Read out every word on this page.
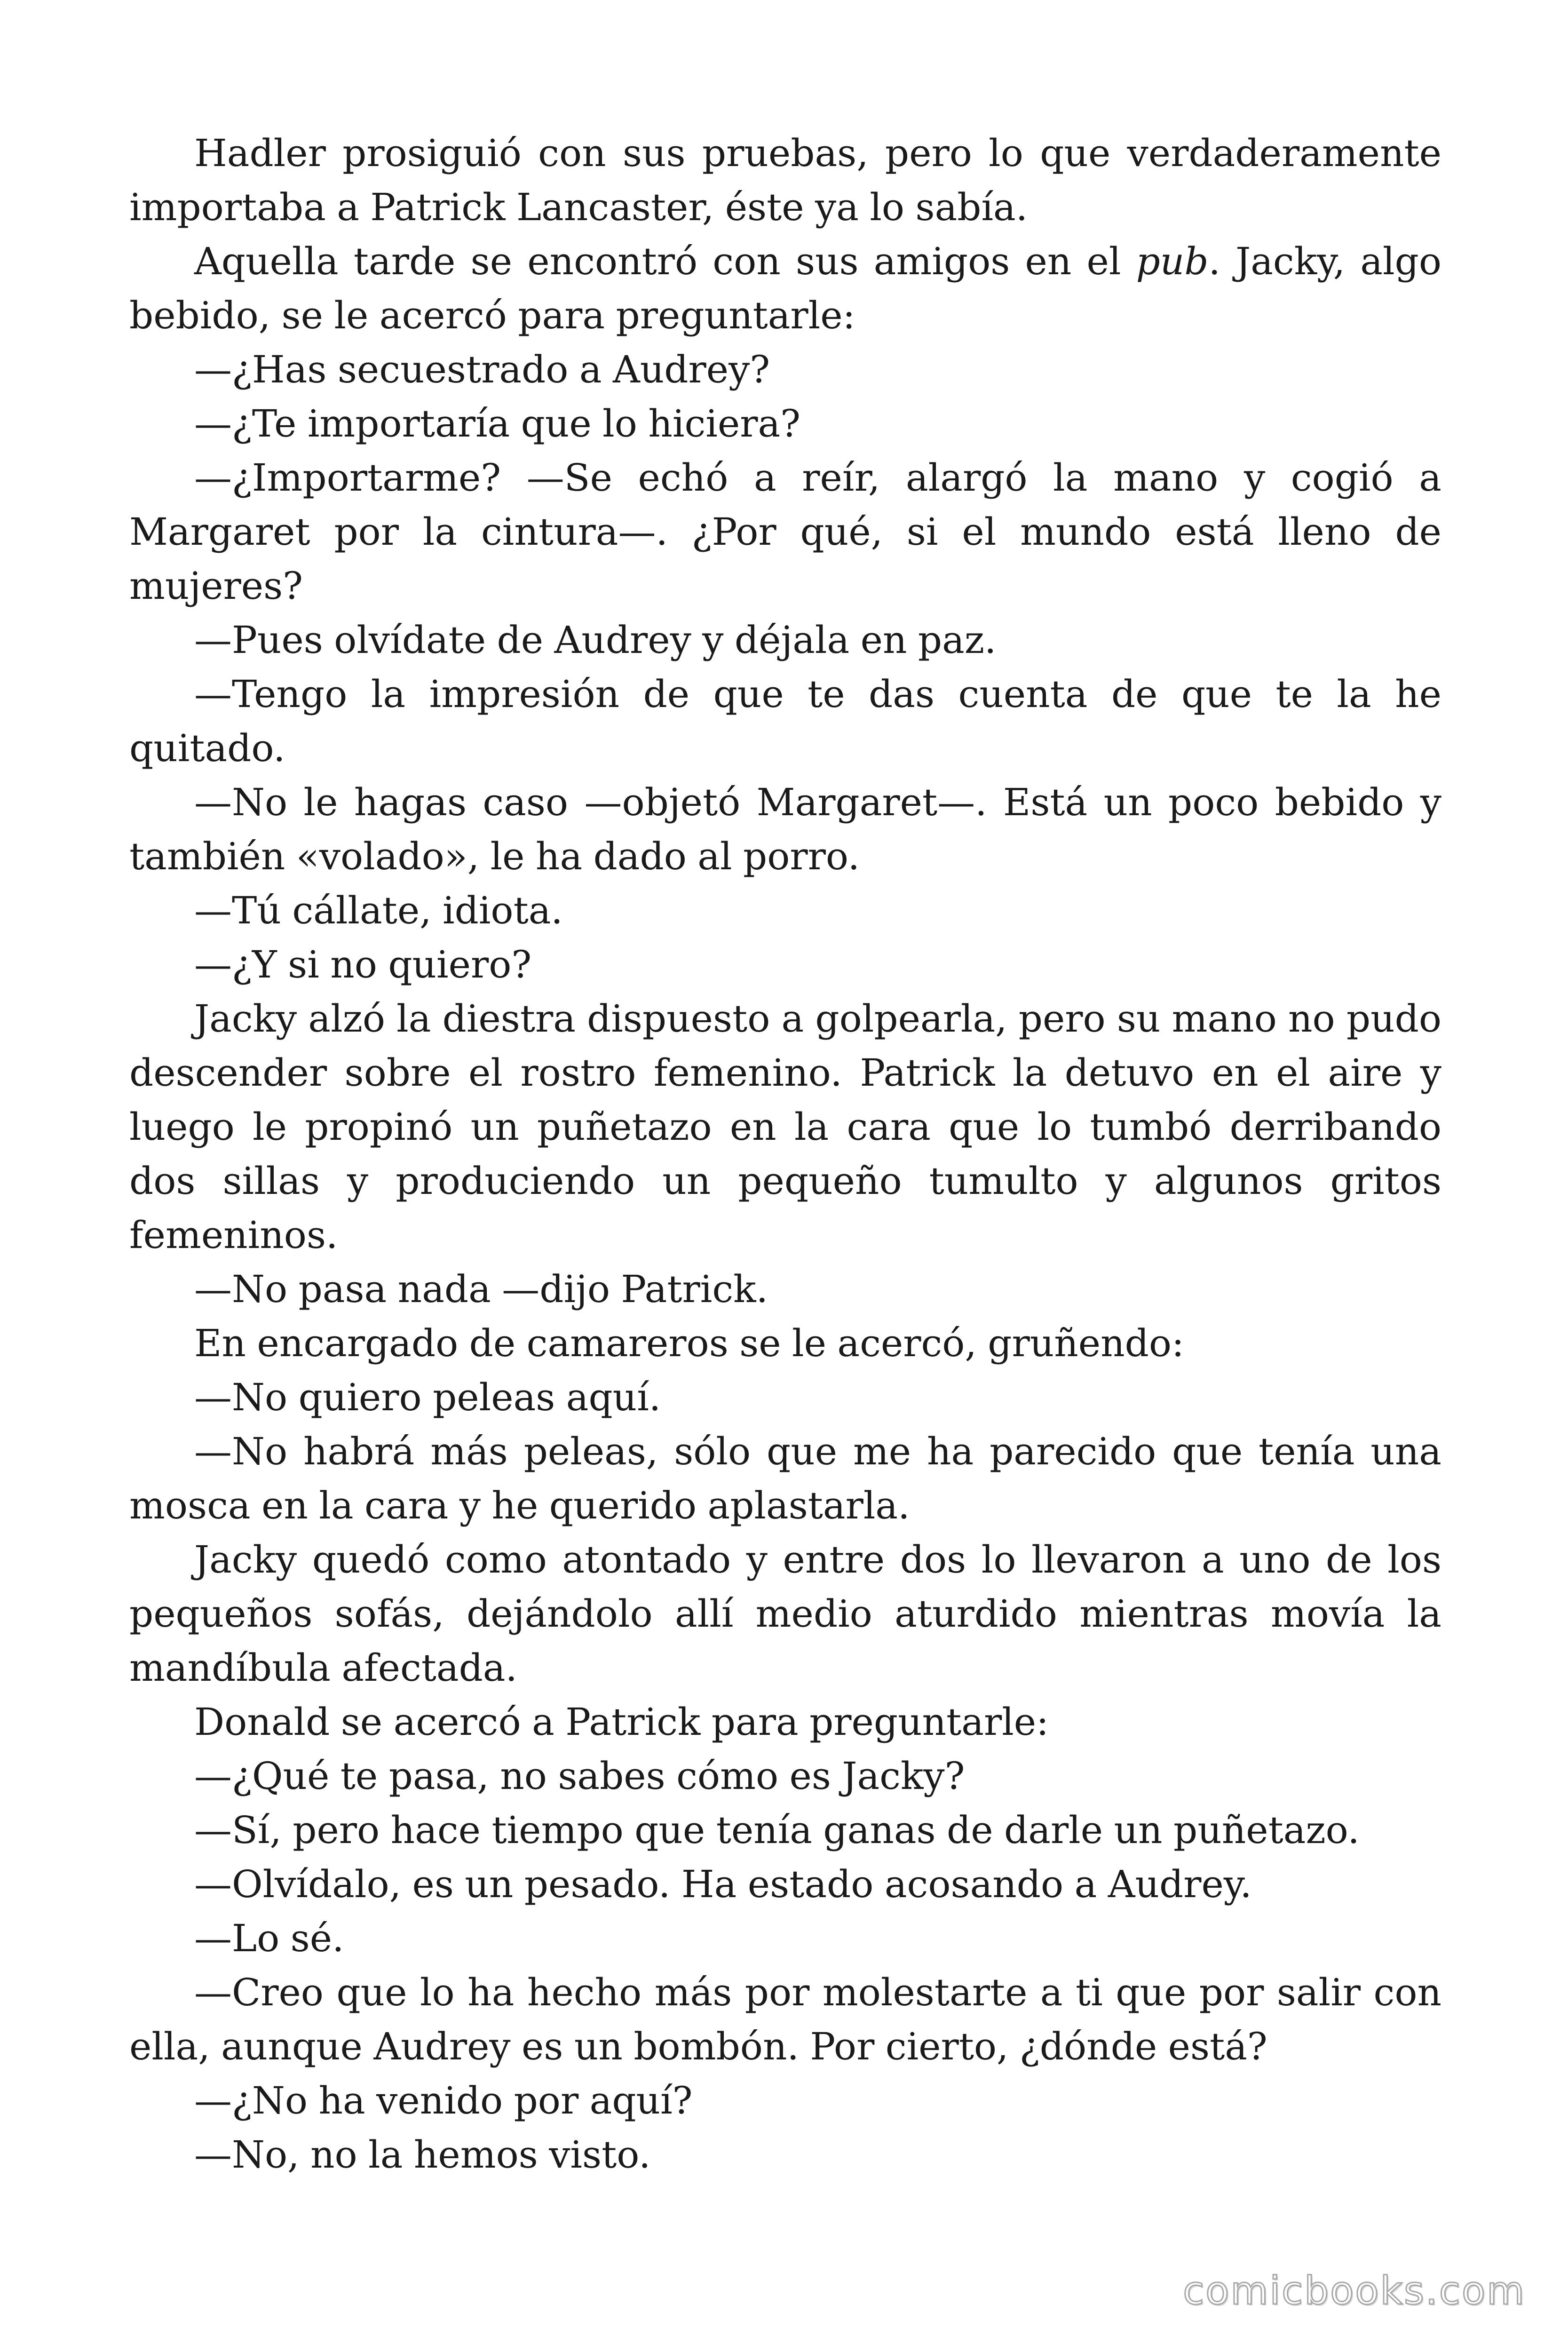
Hadler prosiguió con sus pruebas, pero lo que verdaderamente importaba a Patrick Lancaster, éste ya lo sabía.

Aquella tarde se encontró con sus amigos en el pub. Jacky, algo bebido, se le acercó para preguntarle:

—¿Has secuestrado a Audrey?

—¿Te importaría que lo hiciera?

—¿Importarme? —Se echó a reír, alargó la mano y cogió a Margaret por la cintura—. ¿Por qué, si el mundo está lleno de mujeres?

—Pues olvídate de Audrey y déjala en paz.

—Tengo la impresión de que te das cuenta de que te la he quitado.

—No le hagas caso —objetó Margaret—. Está un poco bebido y también «volado», le ha dado al porro.

—Tú cállate, idiota.

—¿Y si no quiero?

Jacky alzó la diestra dispuesto a golpearla, pero su mano no pudo descender sobre el rostro femenino. Patrick la detuvo en el aire y luego le propinó un puñetazo en la cara que lo tumbó derribando dos sillas y produciendo un pequeño tumulto y algunos gritos femeninos.

—No pasa nada —dijo Patrick.

En encargado de camareros se le acercó, gruñendo:

—No quiero peleas aquí.

—No habrá más peleas, sólo que me ha parecido que tenía una mosca en la cara y he querido aplastarla.

Jacky quedó como atontado y entre dos lo llevaron a uno de los pequeños sofás, dejándolo allí medio aturdido mientras movía la mandíbula afectada.

Donald se acercó a Patrick para preguntarle:

—¿Qué te pasa, no sabes cómo es Jacky?

—Sí, pero hace tiempo que tenía ganas de darle un puñetazo.

—Olvídalo, es un pesado. Ha estado acosando a Audrey.

—Lo sé.

—Creo que lo ha hecho más por molestarte a ti que por salir con ella, aunque Audrey es un bombón. Por cierto, ¿dónde está?

—¿No ha venido por aquí?

—No, no la hemos visto.

comicbooks.com
